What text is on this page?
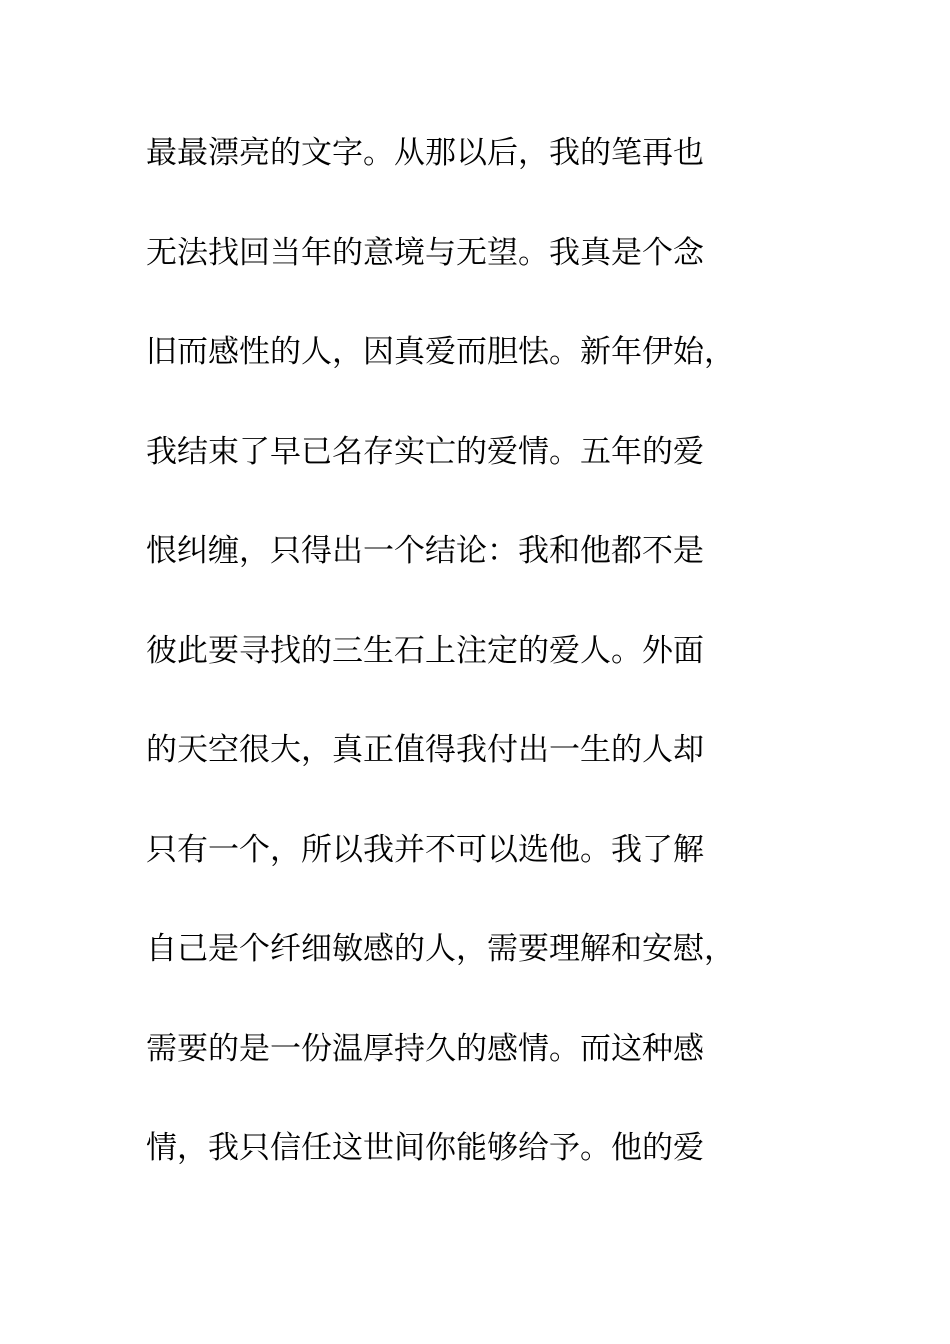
最最漂亮的文字。从那以后，我的笔再也

无法找回当年的意境与无望。我真是个念

旧而感性的人，因真爱而胆怯。新年伊始，

我结束了早已名存实亡的爱情。五年的爱

恨纠缠，只得出一个结论：我和他都不是

彼此要寻找的三生石上注定的爱人。外面

的天空很大，真正值得我付出一生的人却

只有一个，所以我并不可以选他。我了解

自己是个纤细敏感的人，需要理解和安慰，

需要的是一份温厚持久的感情。而这种感

情，我只信任这世间你能够给予。他的爱
